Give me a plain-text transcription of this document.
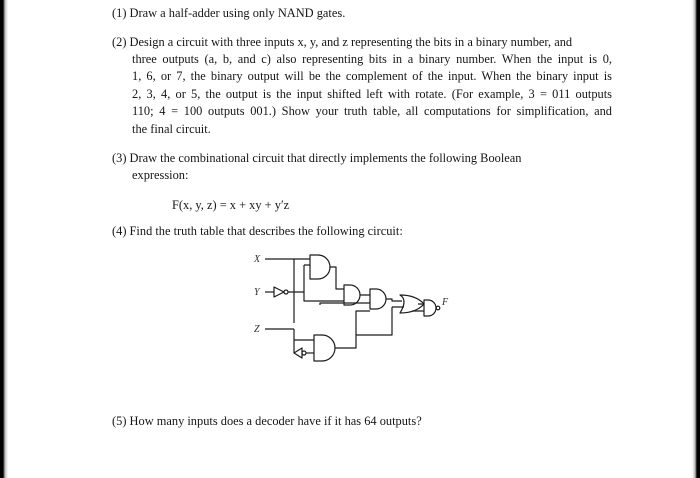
(1) Draw a half-adder using only NAND gates.
(2) Design a circuit with three inputs x, y, and z representing the bits in a binary number, and
three outputs (a, b, and c) also representing bits in a binary number. When the input is 0,
1, 6, or 7, the binary output will be the complement of the input. When the binary input is
2, 3, 4, or 5, the output is the input shifted left with rotate. (For example, 3 = 011 outputs
110; 4 = 100 outputs 001.) Show your truth table, all computations for simplification, and
the final circuit.
(3) Draw the combinational circuit that directly implements the following Boolean
expression:
F(x, y, z) = x + xy + y′z
(4) Find the truth table that describes the following circuit:
X
Y
Z
F
(5) How many inputs does a decoder have if it has 64 outputs?
